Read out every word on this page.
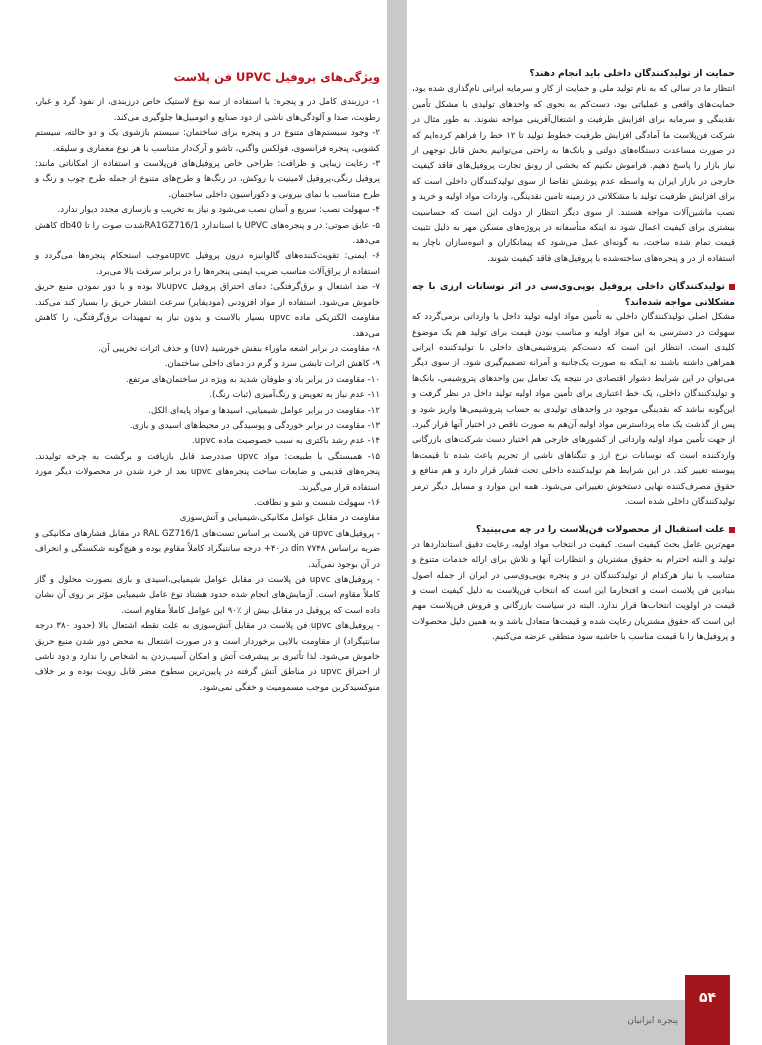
۵۴
پنجره ایرانیان

حمایت از تولیدکنندگان داخلی باید انجام دهند؟

انتظار ما در سالی که به نام تولید ملی و حمایت از کار و سرمایه ایرانی نام‌گذاری شده بود، حمایت‌های واقعی و عملیاتی بود، دست‌کم به نحوی که واحدهای تولیدی با مشکل تأمین نقدینگی و سرمایه برای افزایش ظرفیت و اشتغال‌آفرینی مواجه نشوند. به طور مثال در شرکت فن‌پلاست ما آمادگی افزایش ظرفیت خطوط تولید تا ۱۲ خط را فراهم کرده‌ایم که در صورت مساعدت دستگاه‌های دولتی و بانک‌ها به راحتی می‌توانیم بخش قابل توجهی از نیاز بازار را پاسخ دهیم. فراموش نکنیم که بخشی از رونق تجارت پروفیل‌های فاقد کیفیت خارجی در بازار ایران به واسطه عدم پوشش تقاضا از سوی تولیدکنندگان داخلی است که برای افزایش ظرفیت تولید با مشکلاتی در زمینه تامین نقدینگی، واردات مواد اولیه و خرید و نصب ماشین‌آلات مواجه هستند. از سوی دیگر انتظار از دولت این است که حساسیت بیشتری برای کیفیت اعمال شود نه اینکه متأسفانه در پروژه‌های مسکن مهر به دلیل تثبیت قیمت تمام شده ساخت، به گونه‌ای عمل می‌شود که پیمانکاران و انبوه‌سازان ناچار به استفاده از در و پنجره‌های ساخته‌شده با پروفیل‌های فاقد کیفیت شوند.

تولیدکنندگان داخلی پروفیل یوپی‌وی‌سی در اثر نوسانات ارزی با چه مشکلاتی مواجه شده‌اند؟

مشکل اصلی تولیدکنندگان داخلی به تأمین مواد اولیه تولید داخل یا وارداتی برمی‌گردد که سهولت در دسترسی به این مواد اولیه و مناسب بودن قیمت برای تولید هم یک موضوع کلیدی است. انتظار این است که دست‌کم پتروشیمی‌های داخلی با تولیدکننده ایرانی همراهی داشته باشند نه اینکه به صورت یک‌جانبه و آمرانه تصمیم‌گیری شود. از سوی دیگر می‌توان در این شرایط دشوار اقتصادی در نتیجه یک تعامل بین واحدهای پتروشیمی، بانک‌ها و تولیدکنندگان داخلی، یک خط اعتباری برای تأمین مواد اولیه تولید داخل در نظر گرفت و این‌گونه نباشد که نقدینگی موجود در واحدهای تولیدی به حساب پتروشیمی‌ها واریز شود و پس از گذشت یک ماه پرداسترس مواد اولیه آن‌هم به صورت ناقص در اختیار آنها قرار گیرد. از جهت تأمین مواد اولیه وارداتی از کشورهای خارجی هم اختیار دست شرکت‌های بازرگانی واردکننده است که نوسانات نرخ ارز و تنگناهای ناشی از تحریم باعث شده تا قیمت‌ها پیوسته تغییر کند. در این شرایط هم تولیدکننده داخلی تحت فشار قرار دارد و هم منافع و حقوق مصرف‌کننده نهایی دستخوش تغییراتی می‌شود. همه این موارد و مسایل دیگر ترمز تولیدکنندگان داخلی شده است.

علت استقبال از محصولات فن‌پلاست را در چه می‌بینید؟

مهم‌ترین عامل بحث کیفیت است. کیفیت در انتخاب مواد اولیه، رعایت دقیق استانداردها در تولید و البته احترام به حقوق مشتریان و انتظارات آنها و تلاش برای ارائه خدمات متنوع و متناسب با نیاز هرکدام از تولیدکنندگان در و پنجره یوپی‌وی‌سی در ایران از جمله اصول بنیادین فن پلاست است و افتخارما این است که انتخاب فن‌پلاست به دلیل کیفیت است و قیمت در اولویت انتخاب‌ها قرار ندارد. البته در سیاست بازرگانی و فروش فن‌پلاست مهم این است که حقوق مشتریان رعایت شده و قیمت‌ها متعادل باشد و به همین دلیل محصولات و پروفیل‌ها را با قیمت مناسب با حاشیه سود منطقی عرضه می‌کنیم.

ویژگی‌های پروفیل UPVC فن پلاست

۱- درزبندی کامل در و پنجره: با استفاده از سه نوع لاستیک خاص درزبندی، از نفوذ گرد و غبار، رطوبت، صدا و آلودگی‌های ناشی از دود صنایع و اتومبیل‌ها جلوگیری می‌کند.

۲- وجود سیستم‌های متنوع در و پنجره برای ساختمان: سیستم بازشوی یک و دو حالته، سیستم کشویی، پنجره فرانسوی، فولکس واگنی، تاشو و آرک‌دار متناسب با هر نوع معماری و سلیقه.

۳- رعایت زیبایی و ظرافت: طراحی خاص پروفیل‌های فن‌پلاست و استفاده از امکاناتی مانند: پروفیل رنگی،پروفیل لامینیت یا روکش، در رنگ‌ها و طرح‌های متنوع از جمله طرح چوب و رنگ و طرح متناسب با نمای بیرونی و دکوراسیون داخلی ساختمان.

۴- سهولت نصب: سریع و آسان نصب می‌شود و نیاز به تخریب و بازسازی مجدد دیوار ندارد.

۵- عایق صوتی: در و پنجره‌های UPVC با استاندارد RA1GZ716/1شدت صوت را تا db40 کاهش می‌دهد.

۶- ایمنی: تقویت‌کننده‌های گالوانیزه درون پروفیل upvcموجب استحکام پنجره‌ها می‌گردد و استفاده از یراق‌آلات مناسب ضریب ایمنی پنجره‌ها را در برابر سرقت بالا می‌برد.

۷- ضد اشتعال و برق‌گرفتگی: دمای احتراق پروفیل upvcبالا بوده و با دور نمودن منبع حریق خاموش می‌شود. استفاده از مواد افزودنی (مودیفایر) سرعت انتشار حریق را بسیار کند می‌کند. مقاومت الکتریکی ماده upvc بسیار بالاست و بدون نیاز به تمهیدات برق‌گرفتگی، را کاهش می‌دهد.

۸- مقاومت در برابر اشعه ماوراء بنفش خورشید (uv) و حذف اثرات تخریبی آن.

۹- کاهش اثرات تابشی سرد و گرم در دمای داخلی ساختمان.

۱۰- مقاومت در برابر باد و طوفان شدید به ویژه در ساختمان‌های مرتفع.

۱۱- عدم نیاز به تعویض و رنگ‌آمیزی (ثبات رنگ).

۱۲- مقاومت در برابر عوامل شیمیایی، اسیدها و مواد پایه‌ای الکل.

۱۳- مقاومت در برابر خوردگی و پوسیدگی در محیط‌های اسیدی و بازی.

۱۴- عدم رشد باکتری به سبب خصوصیت ماده upvc.

۱۵- همبستگی با طبیعت: مواد upvc صددرصد قابل بازیافت و برگشت به چرخه تولیدند. پنجره‌های قدیمی و ضایعات ساخت پنجره‌های upvc بعد از خرد شدن در محصولات دیگر مورد استفاده قرار می‌گیرند.

۱۶- سهولت شست و شو و نظافت.

مقاومت در مقابل عوامل مکانیکی،شیمیایی و آتش‌سوزی

- پروفیل‌های upvc فن پلاست بر اساس تست‌های RAL GZ716/1 در مقابل فشارهای مکانیکی و ضربه براساس din ۷۷۴۸ در۴۰+ درجه سانتیگراد کاملاً مقاوم بوده و هیچ‌گونه شکستگی و انحراف در آن بوجود نمی‌آید.

- پروفیل‌های upvc فن پلاست در مقابل عوامل شیمیایی،اسیدی و بازی بصورت محلول و گاز کاملاً مقاوم است. آزمایش‌های انجام شده حدود هشتاد نوع عامل شیمیایی مؤثر بر روی آن نشان داده است که پروفیل در مقابل بیش از ٪۹۰ این عوامل کاملاً مقاوم است.

- پروفیل‌های upvc فن پلاست در مقابل آتش‌سوزی به علت نقطه اشتعال بالا (حدود ۳۸۰ درجه سانتیگراد) از مقاومت بالایی برخوردار است و در صورت اشتعال به محض دور شدن منبع حریق خاموش می‌شود. لذا تأثیری بر پیشرفت آتش و امکان آسیب‌زدن به اشخاص را ندارد و دود ناشی از احتراق upvc در مناطق آتش گرفته در پایین‌ترین سطوح مضر قابل رویت بوده و بر خلاف منوکسیدکربن موجب مسمومیت و خفگی نمی‌شود.
